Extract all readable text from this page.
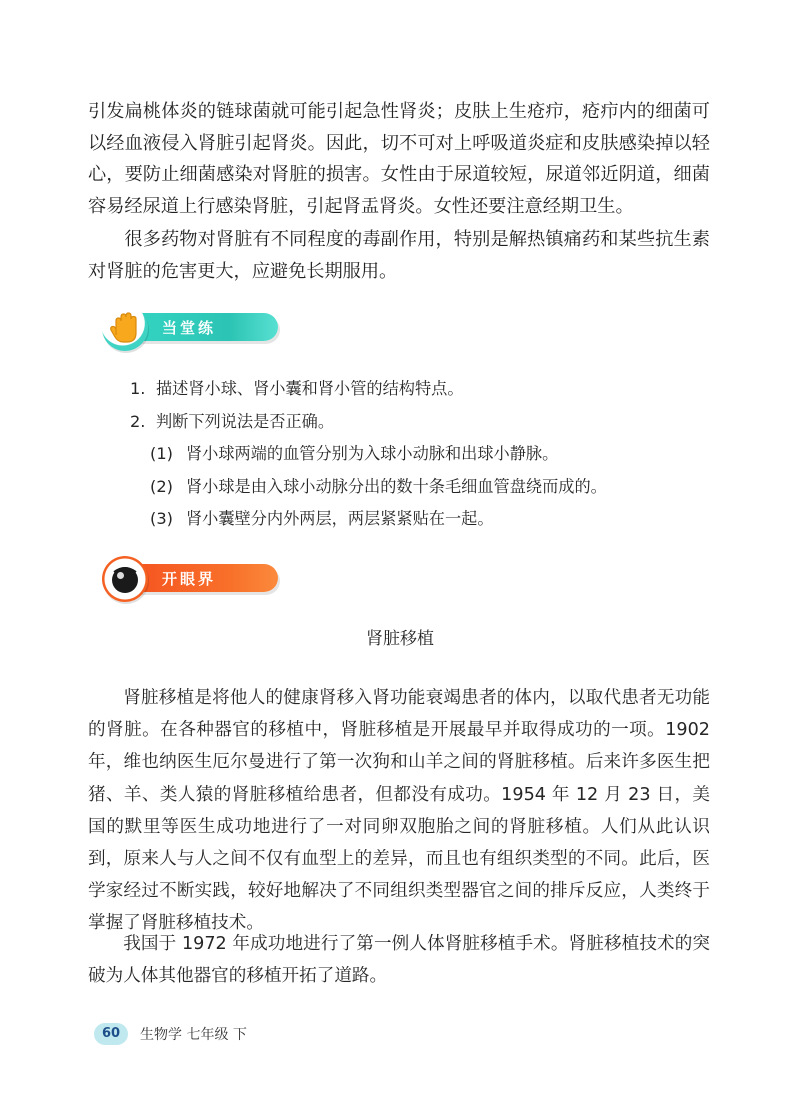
引发扁桃体炎的链球菌就可能引起急性肾炎；皮肤上生疮疖，疮疖内的细菌可以经血液侵入肾脏引起肾炎。因此，切不可对上呼吸道炎症和皮肤感染掉以轻心，要防止细菌感染对肾脏的损害。女性由于尿道较短，尿道邻近阴道，细菌容易经尿道上行感染肾脏，引起肾盂肾炎。女性还要注意经期卫生。

很多药物对肾脏有不同程度的毒副作用，特别是解热镇痛药和某些抗生素对肾脏的危害更大，应避免长期服用。

当堂练
1. 描述肾小球、肾小囊和肾小管的结构特点。
2. 判断下列说法是否正确。
(1) 肾小球两端的血管分别为入球小动脉和出球小静脉。
(2) 肾小球是由入球小动脉分出的数十条毛细血管盘绕而成的。
(3) 肾小囊壁分内外两层，两层紧紧贴在一起。
开眼界
肾脏移植

肾脏移植是将他人的健康肾移入肾功能衰竭患者的体内，以取代患者无功能的肾脏。在各种器官的移植中，肾脏移植是开展最早并取得成功的一项。1902 年，维也纳医生厄尔曼进行了第一次狗和山羊之间的肾脏移植。后来许多医生把猪、羊、类人猿的肾脏移植给患者，但都没有成功。1954 年 12 月 23 日，美国的默里等医生成功地进行了一对同卵双胞胎之间的肾脏移植。人们从此认识到，原来人与人之间不仅有血型上的差异，而且也有组织类型的不同。此后，医学家经过不断实践，较好地解决了不同组织类型器官之间的排斥反应，人类终于掌握了肾脏移植技术。

我国于 1972 年成功地进行了第一例人体肾脏移植手术。肾脏移植技术的突破为人体其他器官的移植开拓了道路。

60	生物学 七年级 下
